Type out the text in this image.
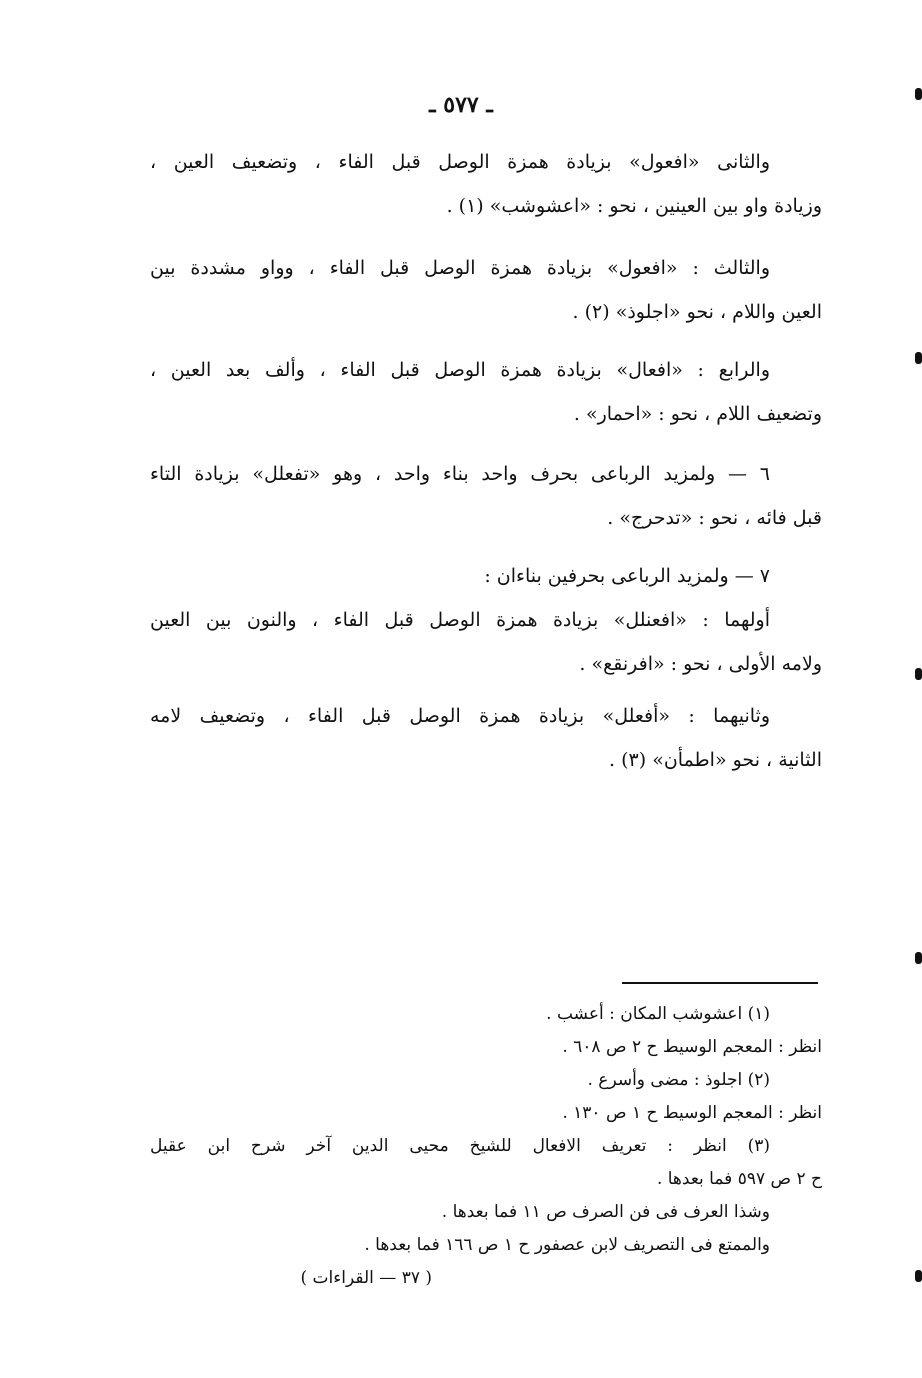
ـ ٥٧٧ ـ
والثانى «افعول» بزيادة همزة الوصل قبل الفاء ، وتضعيف العين ،
وزيادة واو بين العينين ، نحو : «اعشوشب» (١) .
والثالث : «افعول» بزيادة همزة الوصل قبل الفاء ، وواو مشددة بين
العين واللام ، نحو «اجلوذ» (٢) .
والرابع : «افعال» بزيادة همزة الوصل قبل الفاء ، وألف بعد العين ،
وتضعيف اللام ، نحو : «احمار» .
٦ — ولمزيد الرباعى بحرف واحد بناء واحد ، وهو «تفعلل» بزيادة التاء
قبل فائه ، نحو : «تدحرج» .
٧ — ولمزيد الرباعى بحرفين بناءان :
أولهما : «افعنلل» بزيادة همزة الوصل قبل الفاء ، والنون بين العين
ولامه الأولى ، نحو : «افرنقع» .
وثانيهما : «أفعلل» بزيادة همزة الوصل قبل الفاء ، وتضعيف لامه
الثانية ، نحو «اطمأن» (٣) .
(١) اعشوشب المكان : أعشب .
انظر : المعجم الوسيط ح ٢ ص ٦٠٨ .
(٢) اجلوذ : مضى وأسرع .
انظر : المعجم الوسيط ح ١ ص ١٣٠ .
(٣) انظر : تعريف الافعال للشيخ محيى الدين آخر شرح ابن عقيل
ح ٢ ص ٥٩٧ فما بعدها .
وشذا العرف فى فن الصرف ص ١١ فما بعدها .
والممتع فى التصريف لابن عصفور ح ١ ص ١٦٦ فما بعدها .
( ٣٧ — القراءات )
